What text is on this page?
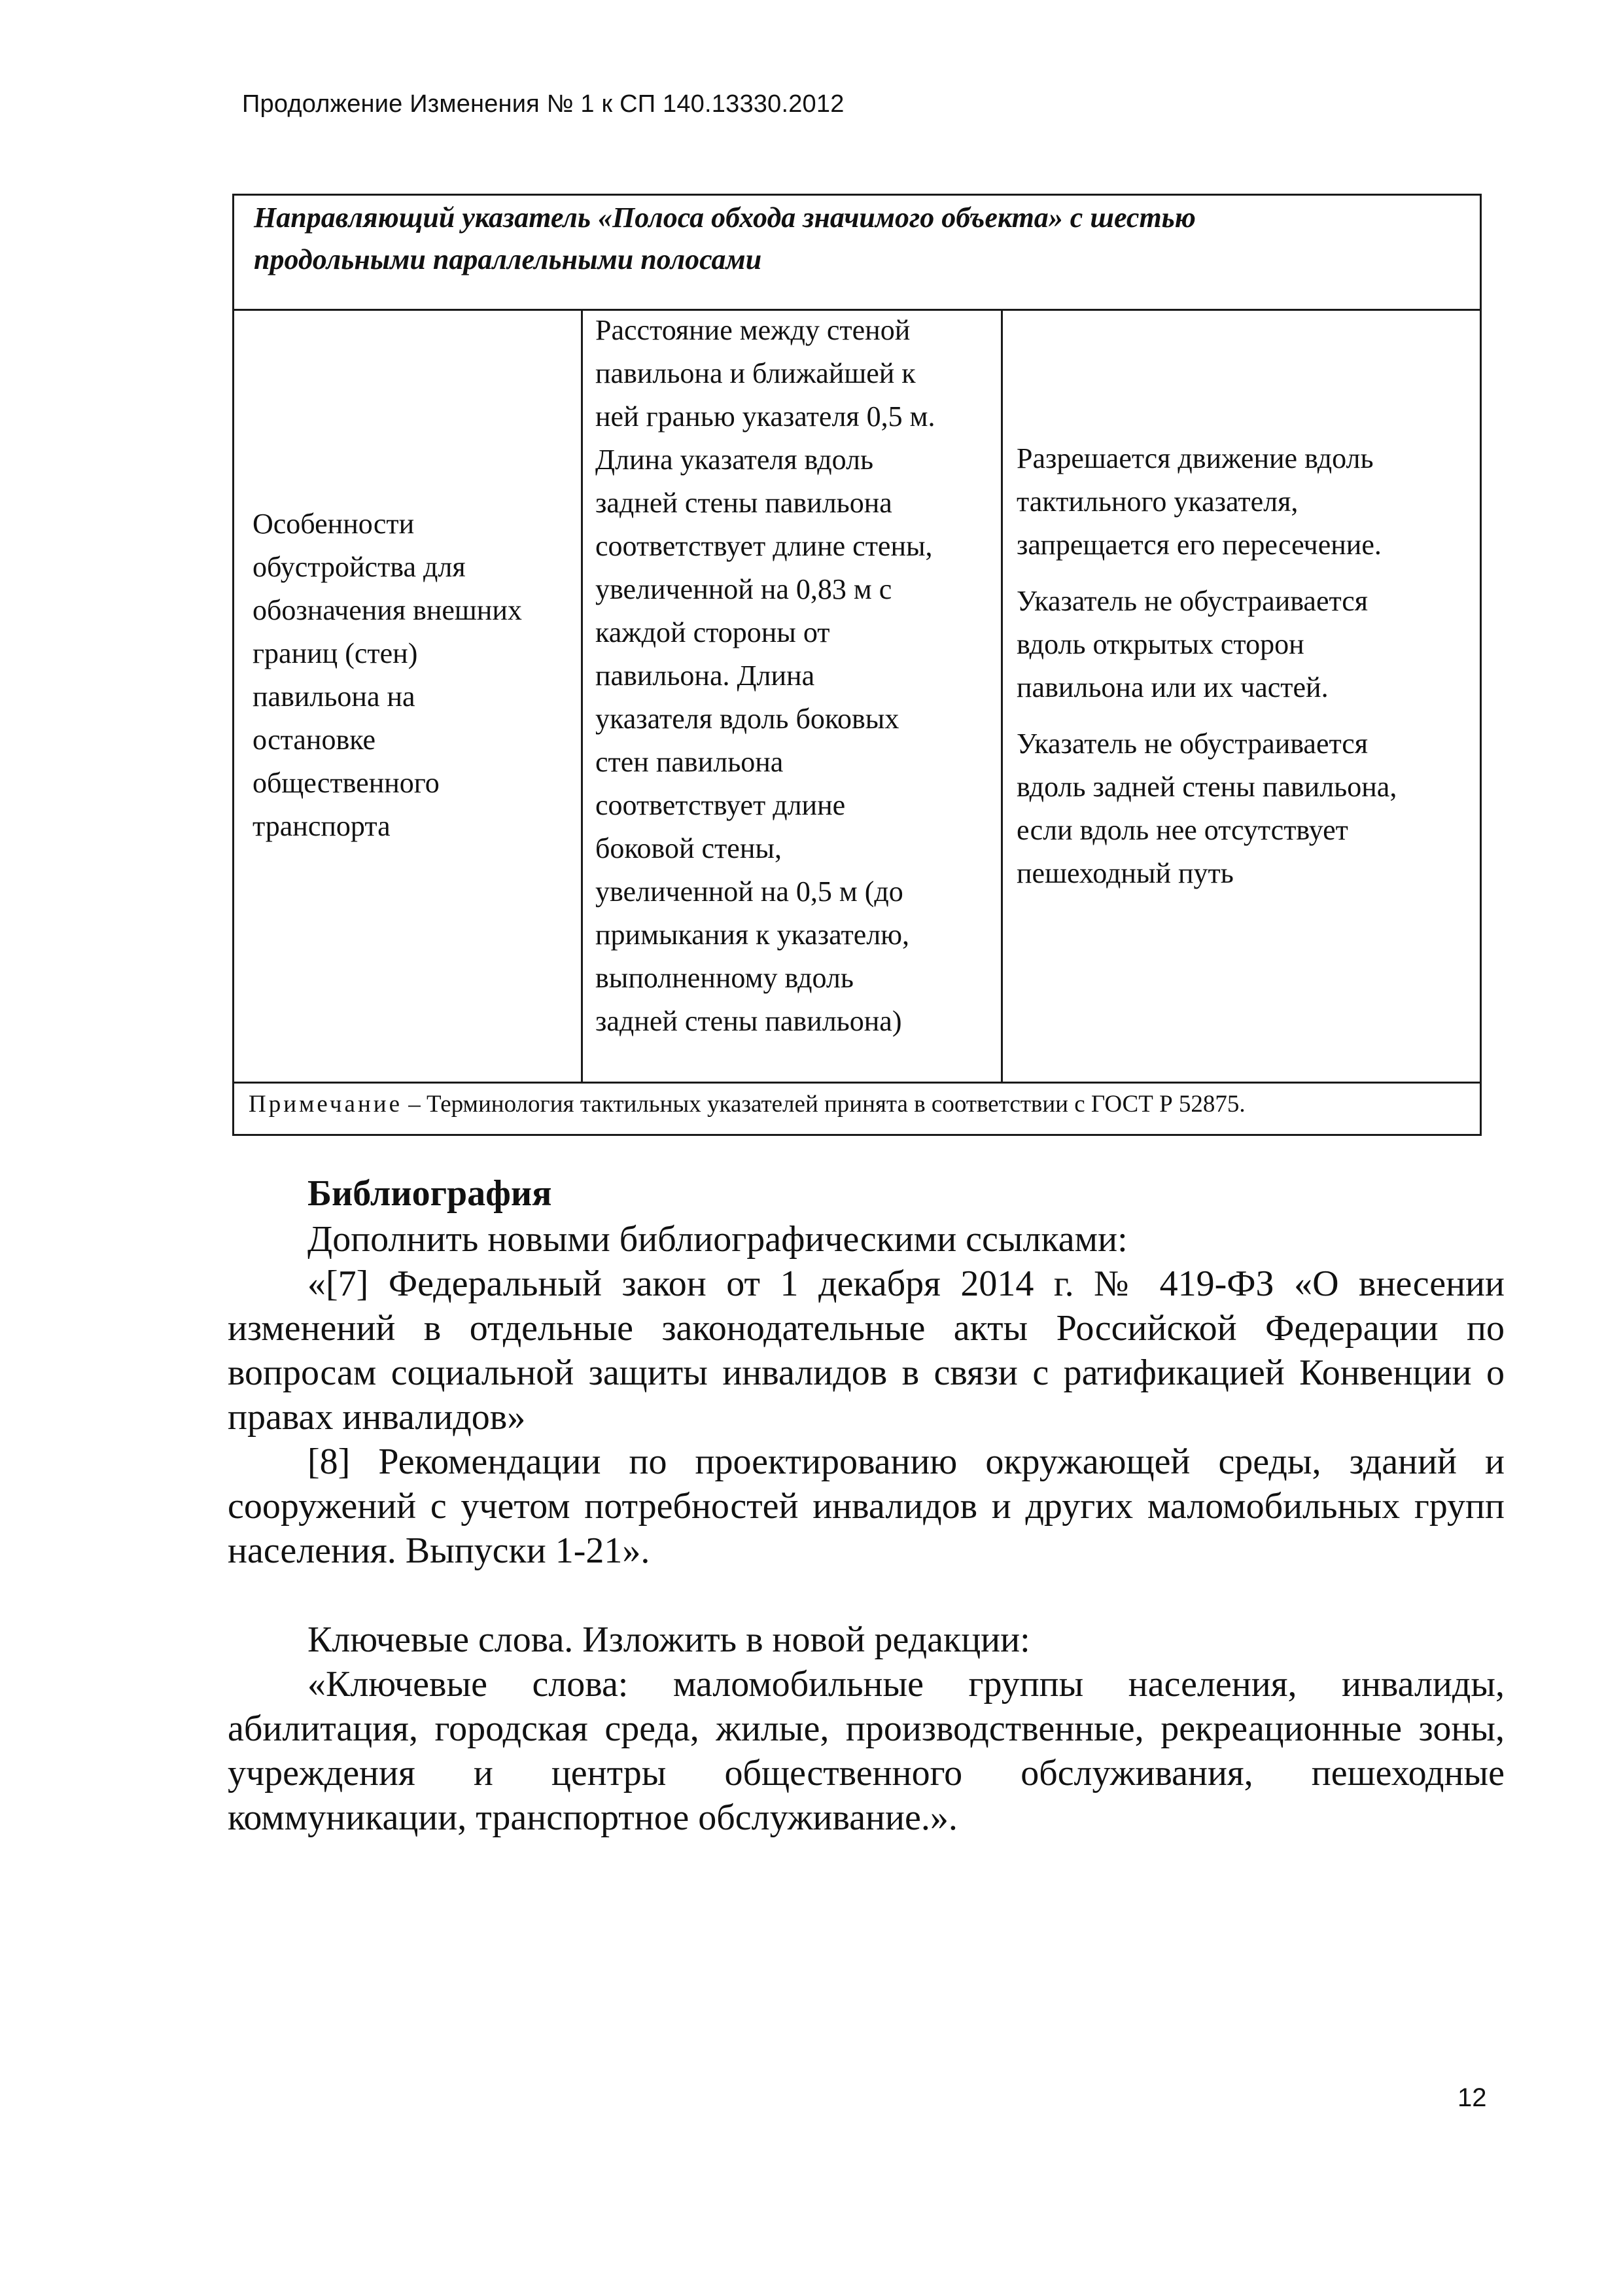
Продолжение Изменения № 1 к СП 140.13330.2012
Направляющий указатель «Полоса обхода значимого объекта» с шестью
продольными параллельными полосами
Особенности
обустройства для
обозначения внешних
границ (стен)
павильона на
остановке
общественного
транспорта
Расстояние между стеной
павильона и ближайшей к
ней гранью указателя 0,5 м.
Длина указателя вдоль
задней стены павильона
соответствует длине стены,
увеличенной на 0,83 м с
каждой стороны от
павильона. Длина
указателя вдоль боковых
стен павильона
соответствует длине
боковой стены,
увеличенной на 0,5 м (до
примыкания к указателю,
выполненному вдоль
задней стены павильона)
Разрешается движение вдоль
тактильного указателя,
запрещается его пересечение.
Указатель не обустраивается
вдоль открытых сторон
павильона или их частей.
Указатель не обустраивается
вдоль задней стены павильона,
если вдоль нее отсутствует
пешеходный путь
Примечание – Терминология тактильных указателей принята в соответствии с ГОСТ Р 52875.
Библиография
Дополнить новыми библиографическими ссылками:
«[7] Федеральный закон от 1 декабря 2014 г. № 419-ФЗ «О внесении
изменений в отдельные законодательные акты Российской Федерации по
вопросам социальной защиты инвалидов в связи с ратификацией Конвенции о
правах инвалидов»
[8] Рекомендации по проектированию окружающей среды, зданий и
сооружений с учетом потребностей инвалидов и других маломобильных групп
населения. Выпуски 1-21».
Ключевые слова. Изложить в новой редакции:
«Ключевые слова: маломобильные группы населения, инвалиды,
абилитация, городская среда, жилые, производственные, рекреационные зоны,
учреждения и центры общественного обслуживания, пешеходные
коммуникации, транспортное обслуживание.».
12
